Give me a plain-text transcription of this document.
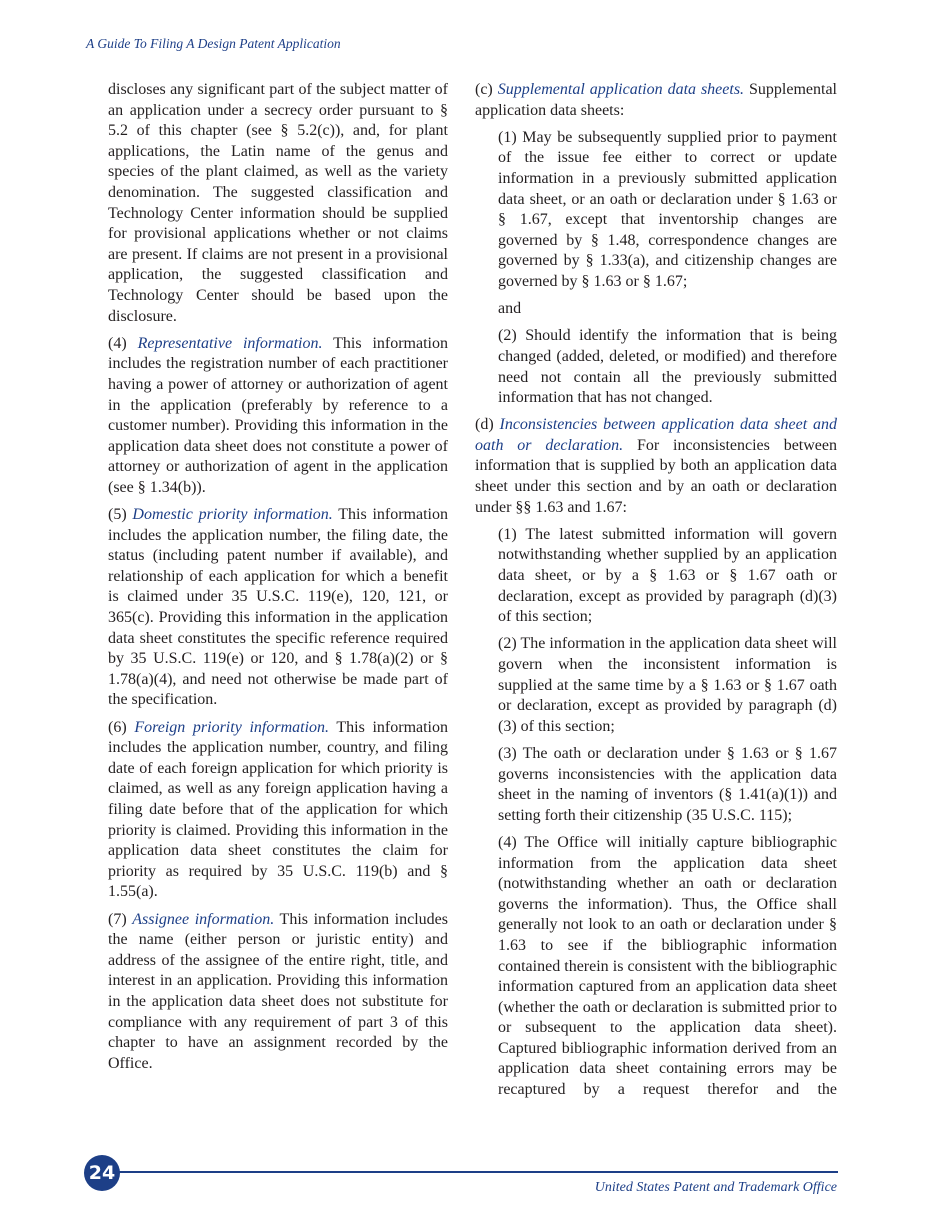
A Guide To Filing A Design Patent Application

discloses any significant part of the subject matter of an application under a secrecy order pursuant to § 5.2 of this chapter (see § 5.2(c)), and, for plant applications, the Latin name of the genus and species of the plant claimed, as well as the variety denomination. The suggested classification and Technology Center information should be supplied for provisional applications whether or not claims are present. If claims are not present in a provisional application, the suggested classification and Technology Center should be based upon the disclosure.

(4) Representative information. This information includes the registration number of each practitioner having a power of attorney or authorization of agent in the application (preferably by reference to a customer number). Providing this information in the application data sheet does not constitute a power of attorney or authorization of agent in the application (see § 1.34(b)).

(5) Domestic priority information. This information includes the application number, the filing date, the status (including patent number if available), and relationship of each application for which a benefit is claimed under 35 U.S.C. 119(e), 120, 121, or 365(c). Providing this information in the application data sheet constitutes the specific reference required by 35 U.S.C. 119(e) or 120, and § 1.78(a)(2) or § 1.78(a)(4), and need not otherwise be made part of the specification.

(6) Foreign priority information. This information includes the application number, country, and filing date of each foreign application for which priority is claimed, as well as any foreign application having a filing date before that of the application for which priority is claimed. Providing this information in the application data sheet constitutes the claim for priority as required by 35 U.S.C. 119(b) and § 1.55(a).

(7) Assignee information. This information includes the name (either person or juristic entity) and address of the assignee of the entire right, title, and interest in an application. Providing this information in the application data sheet does not substitute for compliance with any requirement of part 3 of this chapter to have an assignment recorded by the Office.

(c) Supplemental application data sheets. Supplemental application data sheets:

(1) May be subsequently supplied prior to payment of the issue fee either to correct or update information in a previously submitted application data sheet, or an oath or declaration under § 1.63 or § 1.67, except that inventorship changes are governed by § 1.48, correspondence changes are governed by § 1.33(a), and citizenship changes are governed by § 1.63 or § 1.67;

and

(2) Should identify the information that is being changed (added, deleted, or modified) and therefore need not contain all the previously submitted information that has not changed.

(d) Inconsistencies between application data sheet and oath or declaration. For inconsistencies between information that is supplied by both an application data sheet under this section and by an oath or declaration under §§ 1.63 and 1.67:

(1) The latest submitted information will govern notwithstanding whether supplied by an application data sheet, or by a § 1.63 or § 1.67 oath or declaration, except as provided by paragraph (d)(3) of this section;

(2) The information in the application data sheet will govern when the inconsistent information is supplied at the same time by a § 1.63 or § 1.67 oath or declaration, except as provided by paragraph (d)(3) of this section;

(3) The oath or declaration under § 1.63 or § 1.67 governs inconsistencies with the application data sheet in the naming of inventors (§ 1.41(a)(1)) and setting forth their citizenship (35 U.S.C. 115);

(4) The Office will initially capture bibliographic information from the application data sheet (notwithstanding whether an oath or declaration governs the information). Thus, the Office shall generally not look to an oath or declaration under § 1.63 to see if the bibliographic information contained therein is consistent with the bibliographic information captured from an application data sheet (whether the oath or declaration is submitted prior to or subsequent to the application data sheet). Captured bibliographic information derived from an application data sheet containing errors may be recaptured by a request therefor and the

24
United States Patent and Trademark Office
